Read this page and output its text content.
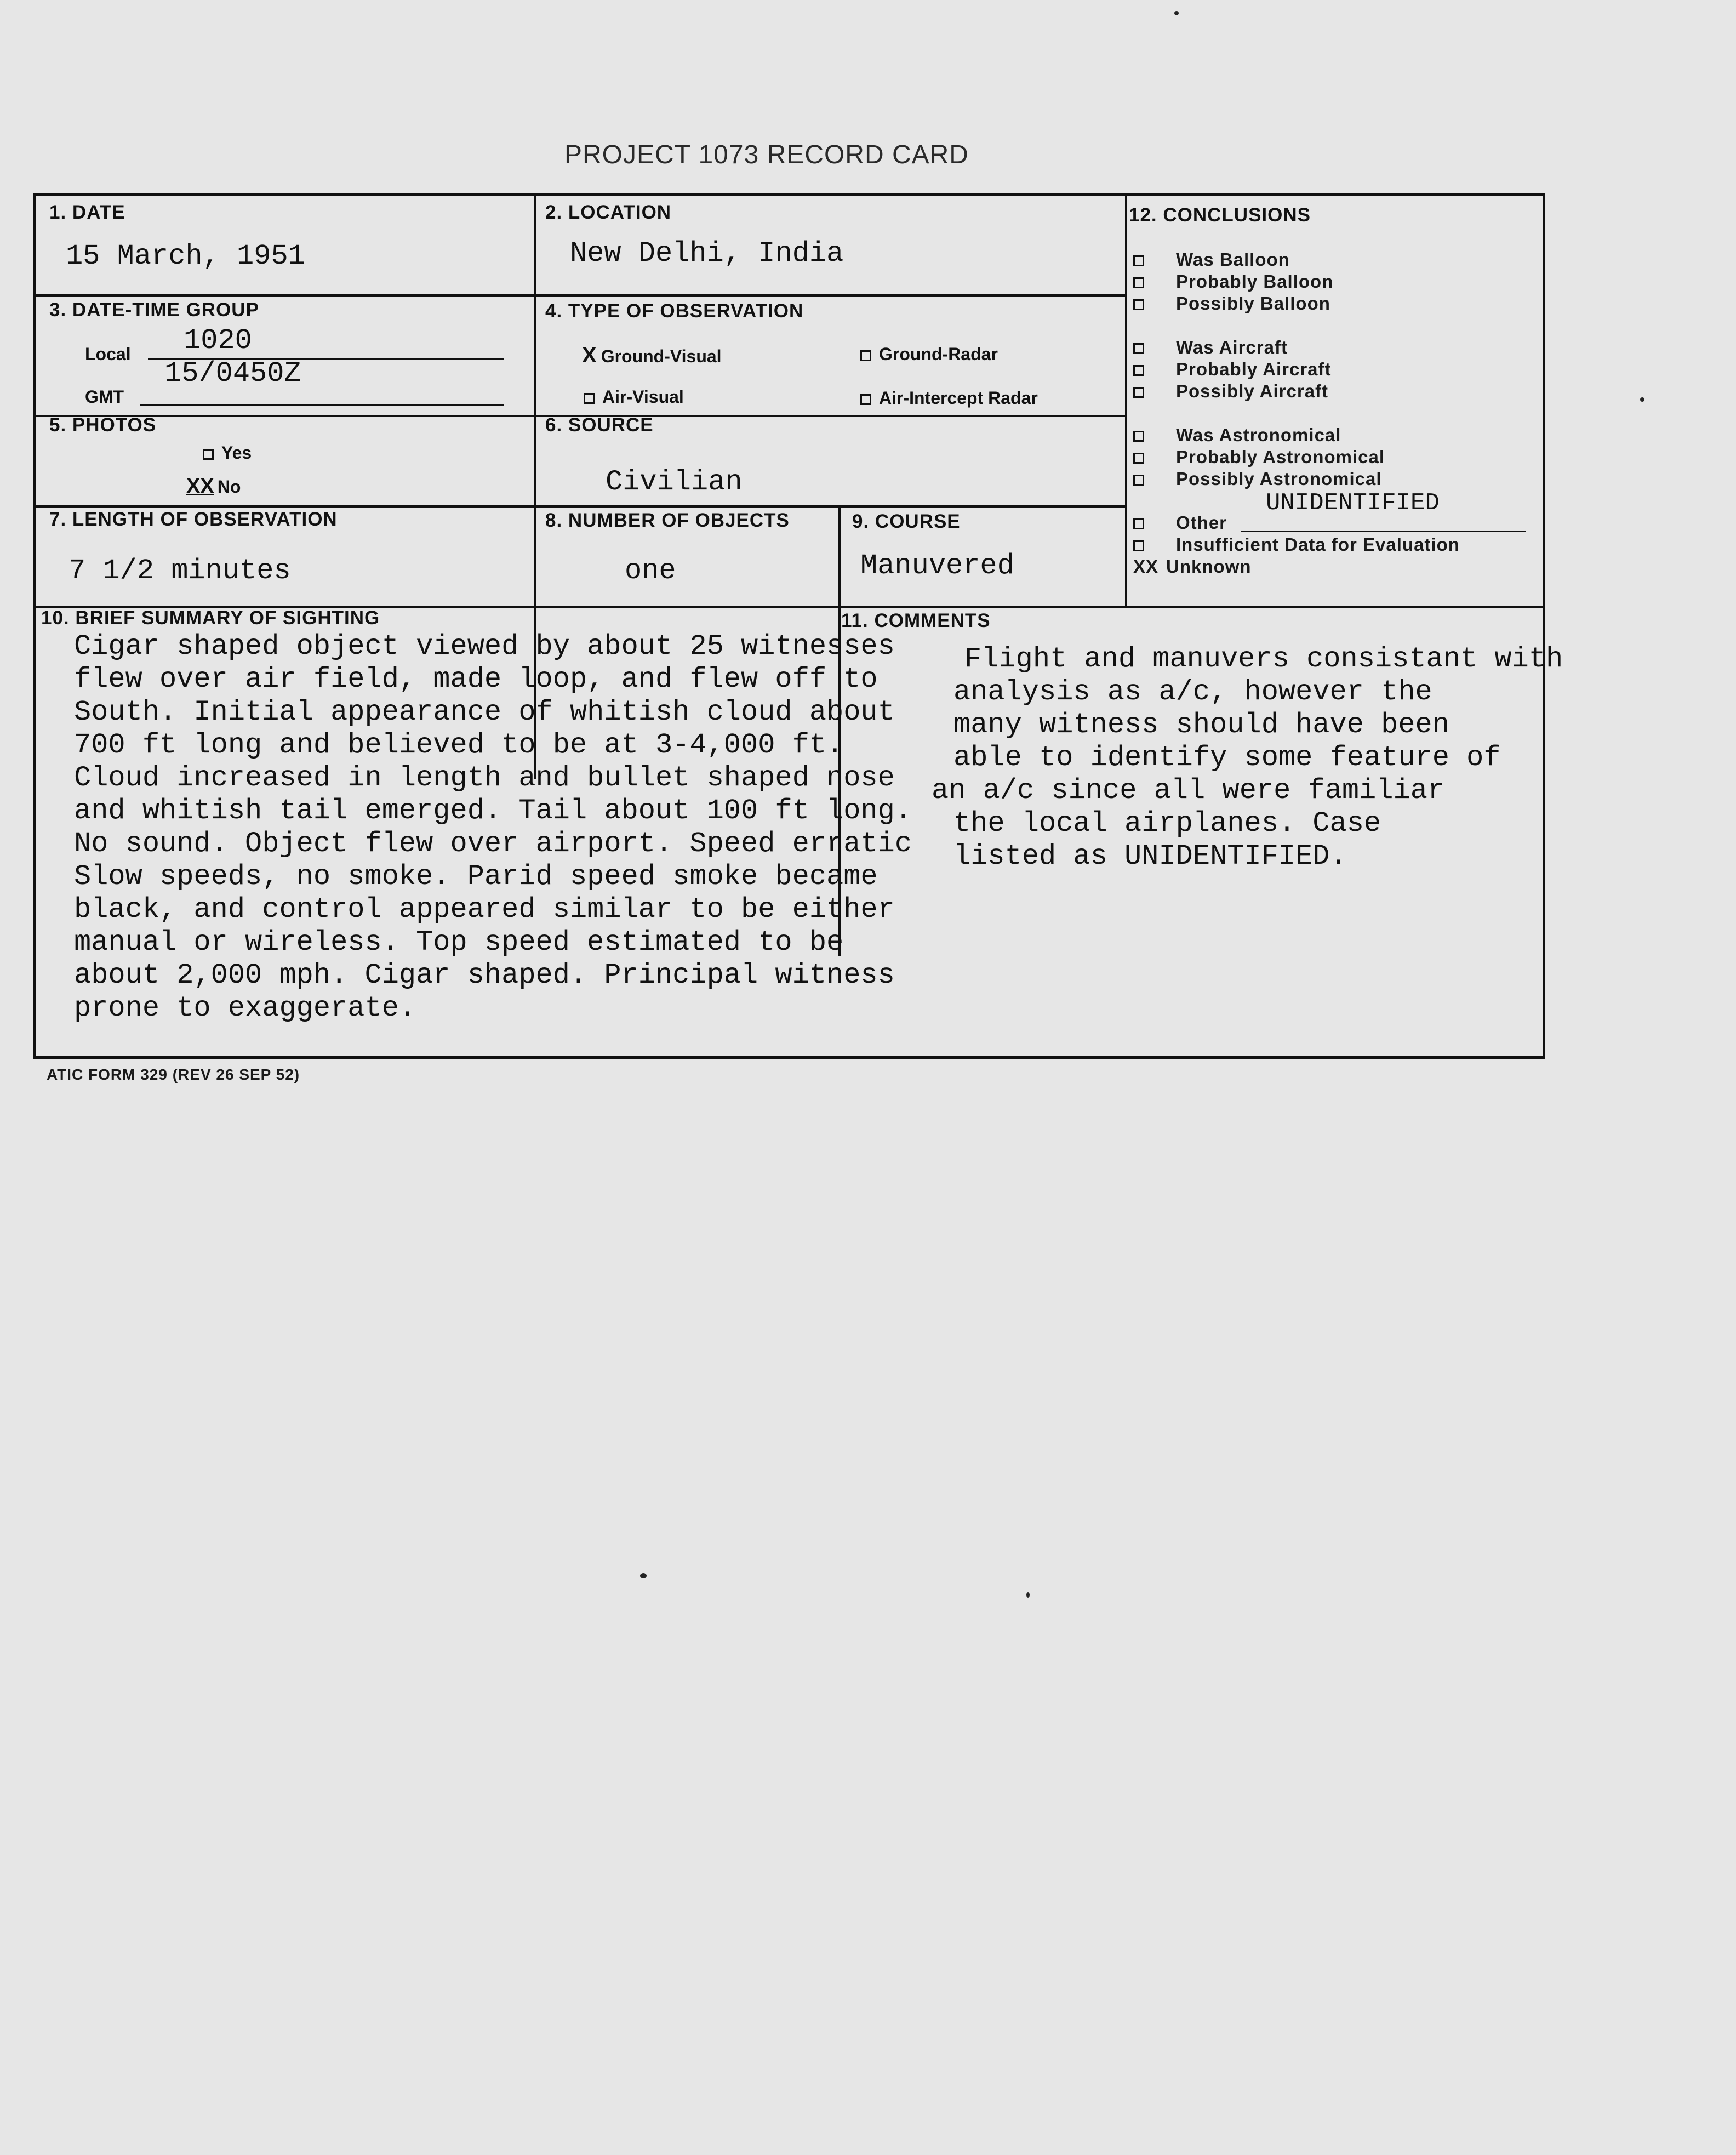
PROJECT 1073 RECORD CARD
1. DATE
15 March, 1951
2. LOCATION
New Delhi, India
3. DATE-TIME GROUP
Local 1020
15/0450Z
GMT
4. TYPE OF OBSERVATION
X Ground-Visual	Ground-Radar
Air-Visual	Air-Intercept Radar
5. PHOTOS
Yes
XX No
6. SOURCE
Civilian
7. LENGTH OF OBSERVATION
7 1/2 minutes
8. NUMBER OF OBJECTS
one
9. COURSE
Manuvered
10. BRIEF SUMMARY OF SIGHTING
Cigar shaped object viewed by about 25 witnesses
flew over air field, made loop, and flew off to
South. Initial appearance of whitish cloud about
700 ft long and believed to be at 3-4,000 ft.
Cloud increased in length and bullet shaped nose
and whitish tail emerged. Tail about 100 ft long.
No sound. Object flew over airport. Speed erratic
Slow speeds, no smoke. Parid speed smoke became
black, and control appeared similar to be either
manual or wireless. Top speed estimated to be
about 2,000 mph. Cigar shaped. Principal witness
prone to exaggerate.
11. COMMENTS
Flight and manuvers consistant with
analysis as a/c, however the
many witness should have been
able to identify some feature of
an a/c since all were familiar
the local airplanes. Case
listed as UNIDENTIFIED.
12. CONCLUSIONS
Was Balloon
Probably Balloon
Possibly Balloon
Was Aircraft
Probably Aircraft
Possibly Aircraft
Was Astronomical
Probably Astronomical
Possibly Astronomical
Other
Insufficient Data for Evaluation
XX Unknown
UNIDENTIFIED
ATIC FORM 329 (REV 26 SEP 52)
